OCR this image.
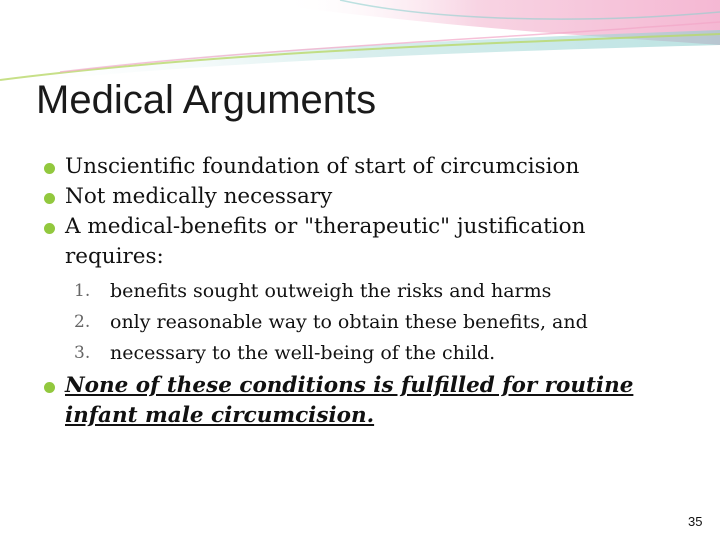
Medical Arguments
Unscientific foundation of start of circumcision
Not medically necessary
A medical-benefits or "therapeutic" justification
requires:
1. benefits sought outweigh the risks and harms
2. only reasonable way to obtain these benefits, and
3. necessary to the well-being of the child.
None of these conditions is fulfilled for routine
infant male circumcision.
35
